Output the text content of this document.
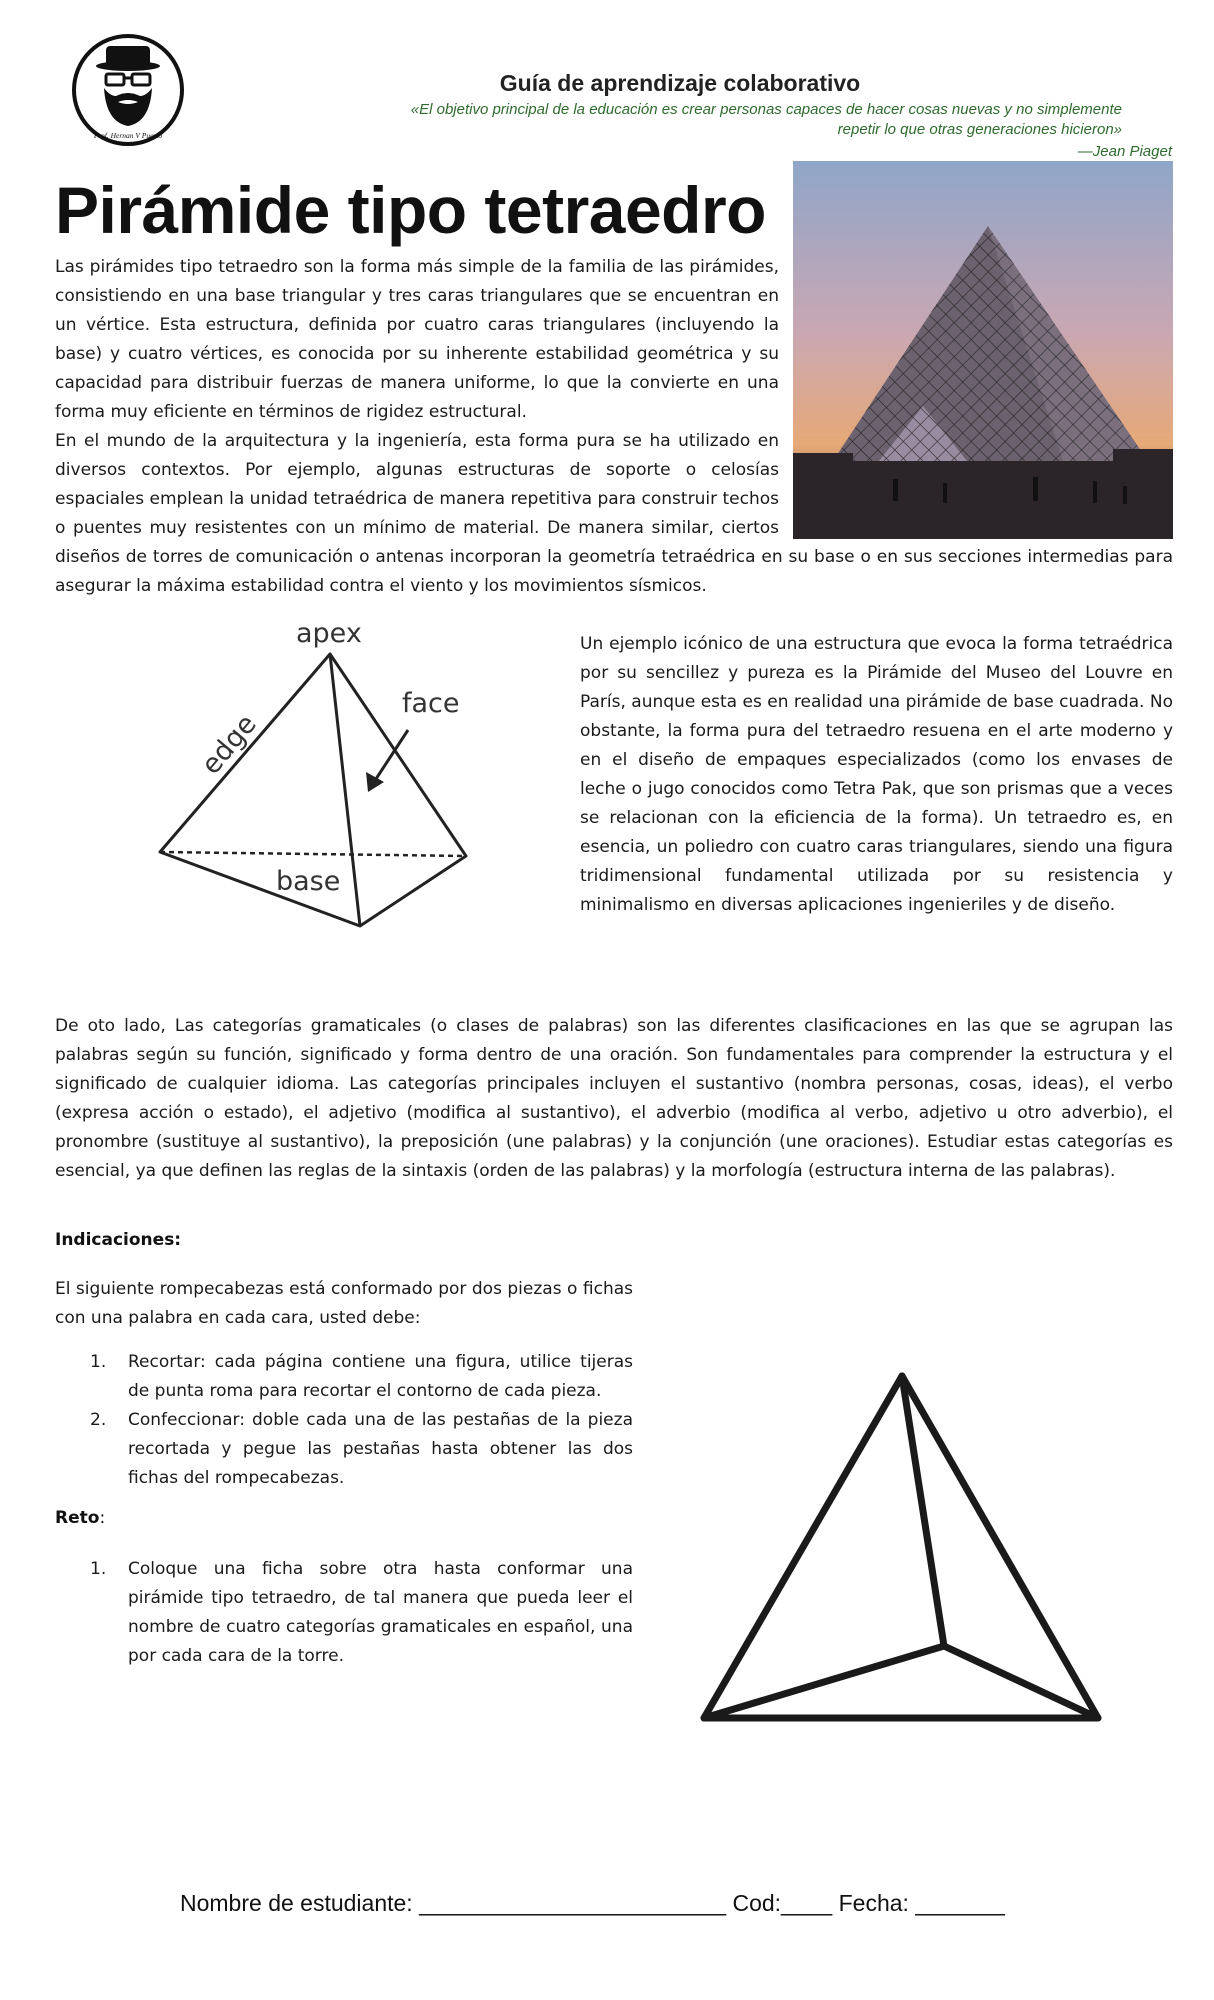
Prof. Hernan V Puerto
Guía de aprendizaje colaborativo
«El objetivo principal de la educación es crear personas capaces de hacer cosas nuevas y no simplemente
repetir lo que otras generaciones hicieron»
—Jean Piaget
Pirámide tipo tetraedro
Las pirámides tipo tetraedro son la forma más simple de la familia de las pirámides, consistiendo en una base triangular y tres caras triangulares que se encuentran en un vértice. Esta estructura, definida por cuatro caras triangulares (incluyendo la base) y cuatro vértices, es conocida por su inherente estabilidad geométrica y su capacidad para distribuir fuerzas de manera uniforme, lo que la convierte en una forma muy eficiente en términos de rigidez estructural.
En el mundo de la arquitectura y la ingeniería, esta forma pura se ha utilizado en diversos contextos. Por ejemplo, algunas estructuras de soporte o celosías espaciales emplean la unidad tetraédrica de manera repetitiva para construir techos o puentes muy resistentes con un mínimo de material. De manera similar, ciertos diseños de torres de comunicación o antenas incorporan la geometría tetraédrica en su base o en sus secciones intermedias para asegurar la máxima estabilidad contra el viento y los movimientos sísmicos.
apex
edge
face
base
Un ejemplo icónico de una estructura que evoca la forma tetraédrica por su sencillez y pureza es la Pirámide del Museo del Louvre en París, aunque esta es en realidad una pirámide de base cuadrada. No obstante, la forma pura del tetraedro resuena en el arte moderno y en el diseño de empaques especializados (como los envases de leche o jugo conocidos como Tetra Pak, que son prismas que a veces se relacionan con la eficiencia de la forma). Un tetraedro es, en esencia, un poliedro con cuatro caras triangulares, siendo una figura tridimensional fundamental utilizada por su resistencia y minimalismo en diversas aplicaciones ingenieriles y de diseño.
De oto lado, Las categorías gramaticales (o clases de palabras) son las diferentes clasificaciones en las que se agrupan las palabras según su función, significado y forma dentro de una oración. Son fundamentales para comprender la estructura y el significado de cualquier idioma. Las categorías principales incluyen el sustantivo (nombra personas, cosas, ideas), el verbo (expresa acción o estado), el adjetivo (modifica al sustantivo), el adverbio (modifica al verbo, adjetivo u otro adverbio), el pronombre (sustituye al sustantivo), la preposición (une palabras) y la conjunción (une oraciones). Estudiar estas categorías es esencial, ya que definen las reglas de la sintaxis (orden de las palabras) y la morfología (estructura interna de las palabras).
Indicaciones:
El siguiente rompecabezas está conformado por dos piezas o fichas con una palabra en cada cara, usted debe:
1. Recortar: cada página contiene una figura, utilice tijeras de punta roma para recortar el contorno de cada pieza.
2. Confeccionar: doble cada una de las pestañas de la pieza recortada y pegue las pestañas hasta obtener las dos fichas del rompecabezas.
Reto:
1. Coloque una ficha sobre otra hasta conformar una pirámide tipo tetraedro, de tal manera que pueda leer el nombre de cuatro categorías gramaticales en español, una por cada cara de la torre.
Nombre de estudiante: ________________________ Cod:____ Fecha: _______
